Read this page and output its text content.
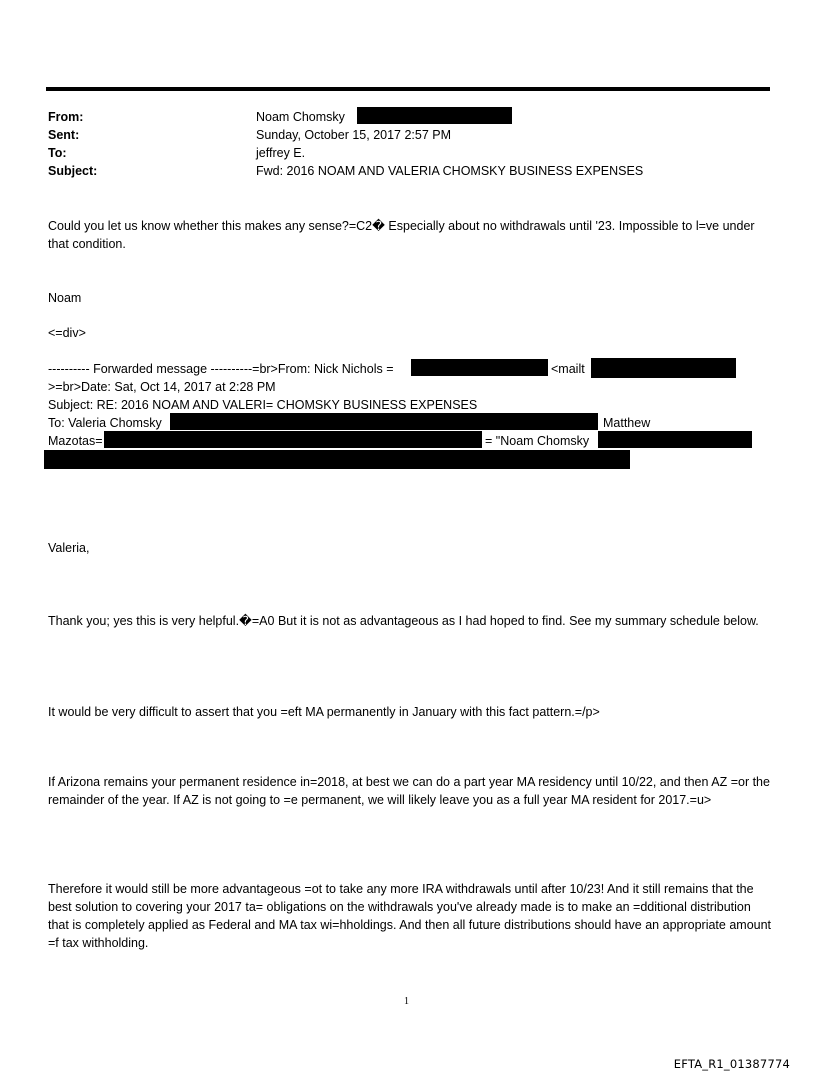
From:	Noam Chomsky
Sent:	Sunday, October 15, 2017 2:57 PM
To:	jeffrey E.
Subject:	Fwd: 2016 NOAM AND VALERIA CHOMSKY BUSINESS EXPENSES
Could you let us know whether this makes any sense?=C2� Especially about no withdrawals until '23. Impossible to l=ve under that condition.
Noam
<=div>
---------- Forwarded message ----------=br>From: Nick Nichols =	<mailt
>=br>Date: Sat, Oct 14, 2017 at 2:28 PM
Subject: RE: 2016 NOAM AND VALERI= CHOMSKY BUSINESS EXPENSES
To: Valeria Chomsky	Matthew
Mazotas=	= "Noam Chomsky
Valeria,
Thank you; yes this is very helpful.�=A0 But it is not as advantageous as I had hoped to find. See my summary schedule below.
It would be very difficult to assert that you =eft MA permanently in January with this fact pattern.=/p>
If Arizona remains your permanent residence in=2018, at best we can do a part year MA residency until 10/22, and then AZ =or the remainder of the year. If AZ is not going to =e permanent, we will likely leave you as a full year MA resident for 2017.=u>
Therefore it would still be more advantageous =ot to take any more IRA withdrawals until after 10/23! And it still remains that the best solution to covering your 2017 ta= obligations on the withdrawals you've already made is to make an =dditional distribution that is completely applied as Federal and MA tax wi=hholdings. And then all future distributions should have an appropriate amount =f tax withholding.
1
EFTA_R1_01387774
